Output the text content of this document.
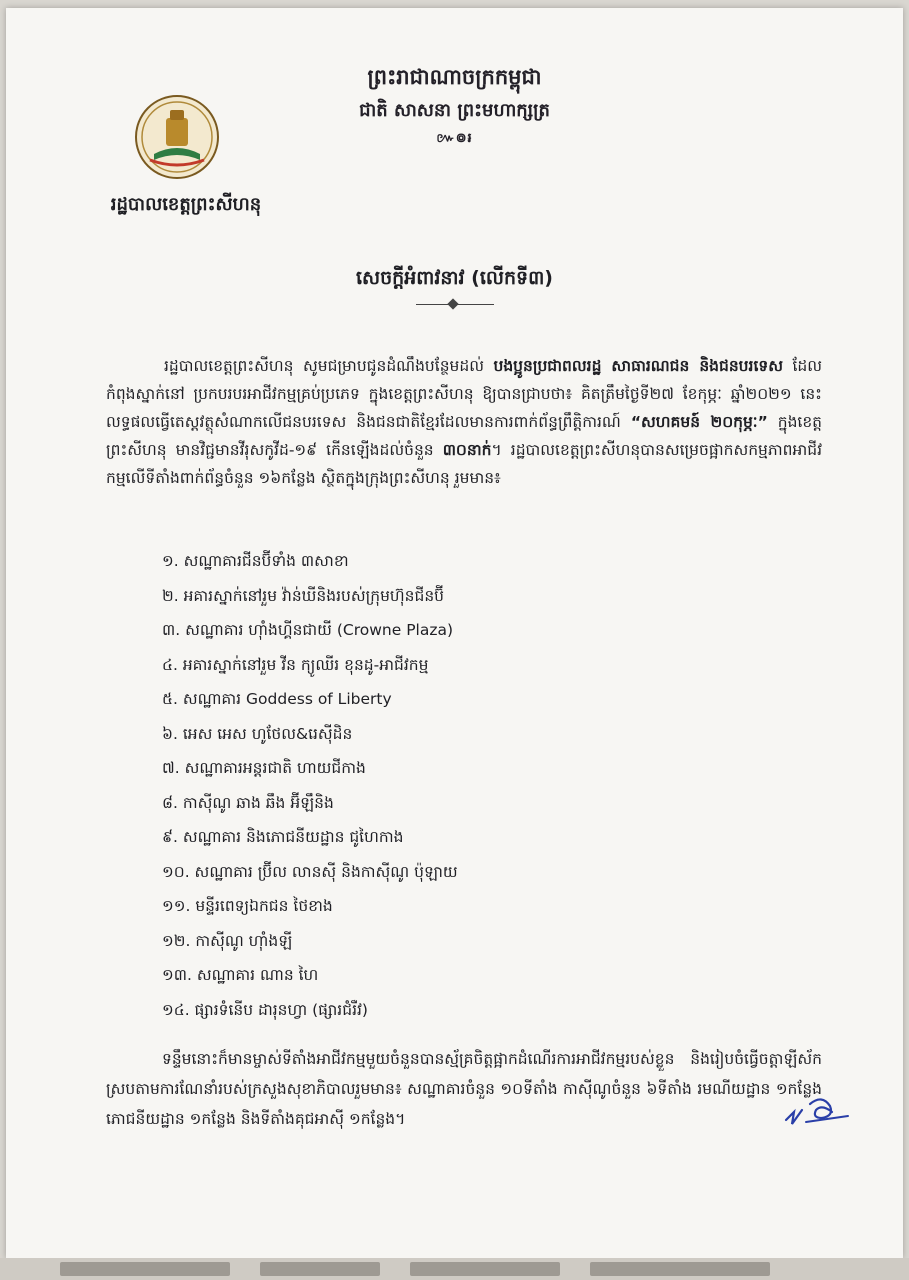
ព្រះរាជាណាចក្រកម្ពុជា
ជាតិ សាសនា ព្រះមហាក្សត្រ
៚៙៛
រដ្ឋបាលខេត្តព្រះសីហនុ
សេចក្តីអំពាវនាវ (លើកទី៣)

រដ្ឋបាលខេត្តព្រះសីហនុ សូមជម្រាបជូនដំណឹងបន្ថែមដល់ បងប្អូនប្រជាពលរដ្ឋ សាធារណជន និងជនបរទេស ដែលកំពុងស្នាក់នៅ ប្រកបរបរអាជីវកម្មគ្រប់ប្រភេទ ក្នុងខេត្តព្រះសីហនុ ឱ្យបានជ្រាបថា៖ គិតត្រឹមថ្ងៃទី២៧ ខែកុម្ភៈ ឆ្នាំ២០២១ នេះ លទ្ធផលធ្វើតេស្តវត្ថុសំណាកលើជនបរទេស និងជនជាតិខ្មែរដែលមានការពាក់ព័ន្ធព្រឹត្តិការណ៍ “សហគមន៍ ២០កុម្ភៈ” ក្នុងខេត្តព្រះសីហនុ មានវិជ្ជមានវីរុសកូវីដ-១៩ កើនឡើងដល់ចំនួន ៣០នាក់។ រដ្ឋបាលខេត្តព្រះសីហនុបានសម្រេចផ្អាកសកម្មភាពអាជីវកម្មលើទីតាំងពាក់ព័ន្ធចំនួន ១៦កន្លែង ស្ថិតក្នុងក្រុងព្រះសីហនុ រួមមាន៖

១. សណ្ឋាគារជីនប៊ីទាំង ៣សាខា
២. អគារស្នាក់នៅរួម វ៉ាន់ឃីនិងរបស់ក្រុមហ៊ុនជីនប៊ី
៣. សណ្ឋាគារ ហ៊ាំងហ្គីនជាយី (Crowne Plaza)
៤. អគារស្នាក់នៅរួម វីន ក្យូឈីរ ខុនដូ-អាជីវកម្ម
៥. សណ្ឋាគារ Goddess of Liberty
៦. អេស អេស ហូថែល&រេស៊ីដិន
៧. សណ្ឋាគារអន្តរជាតិ ហាយជីកាង
៨. កាស៊ីណូ ឆាង ឆឹង អ៊ីឡឹនិង
៩. សណ្ឋាគារ និងភោជនីយដ្ឋាន ជូហៃកាង
១០. សណ្ឋាគារ ប្រ៊ីល លានស៊ី និងកាស៊ីណូ ប៉ុឡាយ
១១. មន្ទីរពេទ្យឯកជន ថៃខាង
១២. កាស៊ីណូ ហ៊ាំងឡី
១៣. សណ្ឋាគារ ណាន ហៃ
១៤. ផ្សារទំនើប ដារុនហ្វា (ផ្សារជំរឺវ)

ទន្ទឹមនោះក៏មានម្ចាស់ទីតាំងអាជីវកម្មមួយចំនួនបានស្ម័គ្រចិត្តផ្អាកដំណើរការអាជីវកម្មរបស់ខ្លួន និងរៀបចំធ្វើចត្តាឡីស័កស្របតាមការណែនាំរបស់ក្រសួងសុខាភិបាលរួមមាន៖ សណ្ឋាគារចំនួន ១០ទីតាំង កាស៊ីណូចំនួន ៦ទីតាំង រមណីយដ្ឋាន ១កន្លែង ភោជនីយដ្ឋាន ១កន្លែង និងទីតាំងគុជអាស៊ី ១កន្លែង។
